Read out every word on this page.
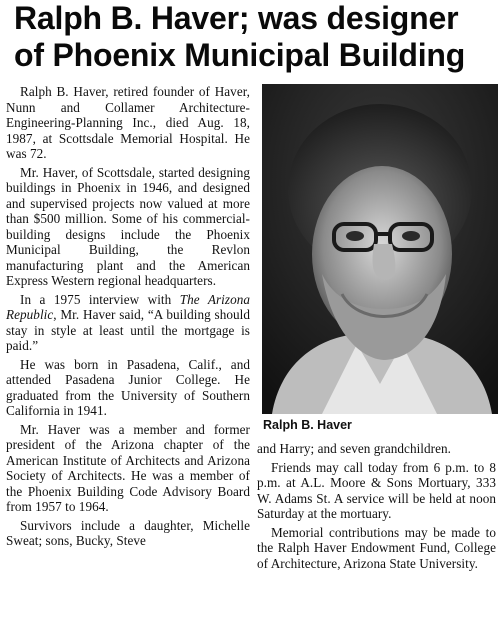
Ralph B. Haver; was designer
of Phoenix Municipal Building

Ralph B. Haver, retired founder of Haver, Nunn and Collamer Architecture-Engineering-Planning Inc., died Aug. 18, 1987, at Scottsdale Memorial Hospital. He was 72.

Mr. Haver, of Scottsdale, started designing buildings in Phoenix in 1946, and designed and supervised projects now valued at more than $500 million. Some of his commercial-building designs include the Phoenix Municipal Building, the Revlon manufacturing plant and the American Express Western regional headquarters.

In a 1975 interview with The Arizona Republic, Mr. Haver said, “A building should stay in style at least until the mortgage is paid.”

He was born in Pasadena, Calif., and attended Pasadena Junior College. He graduated from the University of Southern California in 1941.

Mr. Haver was a member and former president of the Arizona chapter of the American Institute of Architects and Arizona Society of Architects. He was a member of the Phoenix Building Code Advisory Board from 1957 to 1964.

Survivors include a daughter, Michelle Sweat; sons, Bucky, Steve

Ralph B. Haver

and Harry; and seven grandchildren.

Friends may call today from 6 p.m. to 8 p.m. at A.L. Moore & Sons Mortuary, 333 W. Adams St. A service will be held at noon Saturday at the mortuary.

Memorial contributions may be made to the Ralph Haver Endowment Fund, College of Architecture, Arizona State University.
